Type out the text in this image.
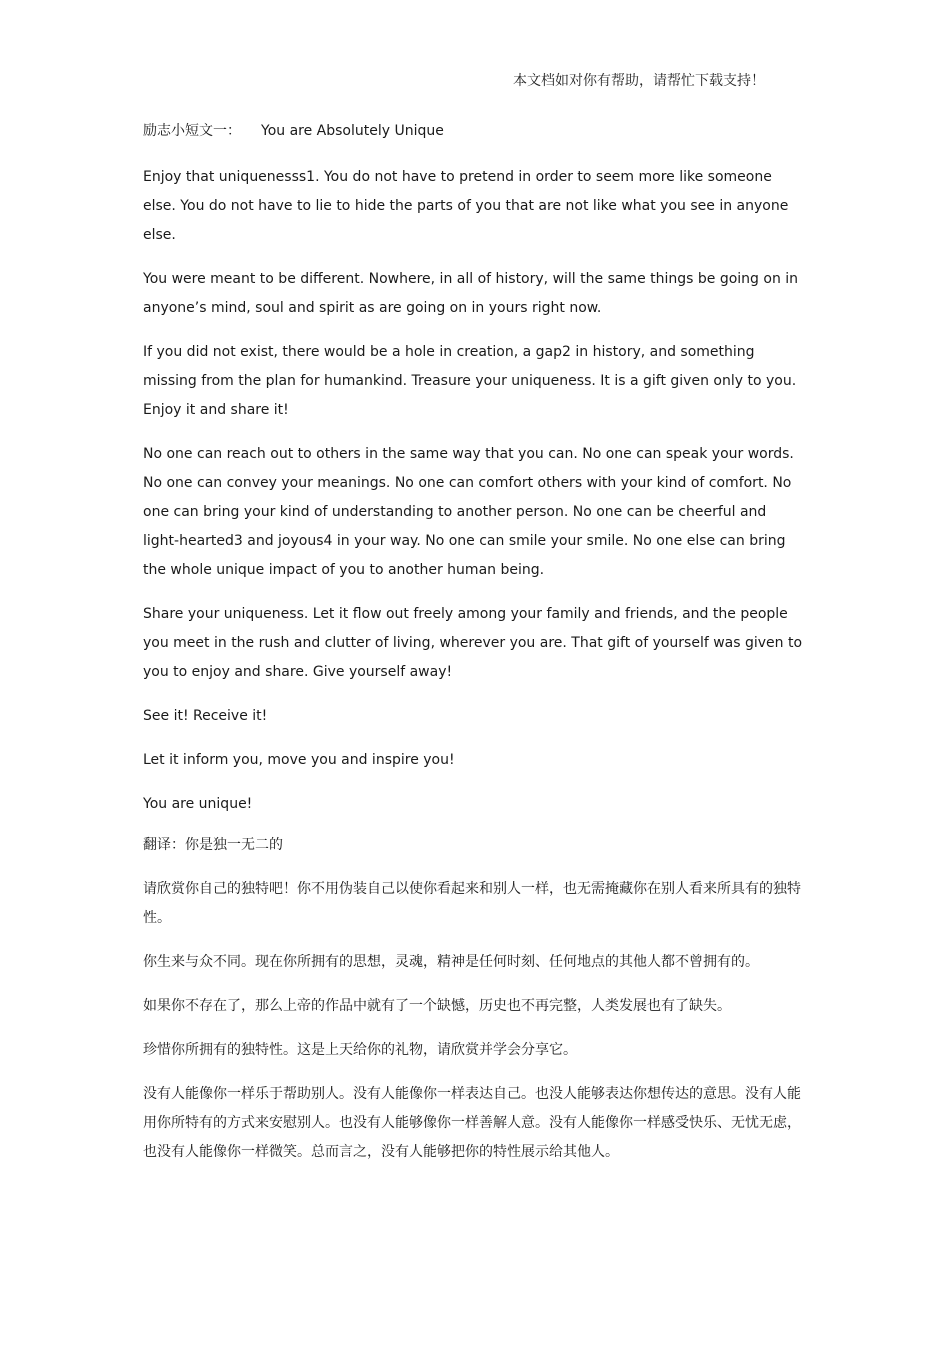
本文档如对你有帮助，请帮忙下载支持！
励志小短文一： You are Absolutely Unique

Enjoy that uniquenesss1. You do not have to pretend in order to seem more like someone else. You do not have to lie to hide the parts of you that are not like what you see in anyone else.

You were meant to be different. Nowhere, in all of history, will the same things be going on in anyone’s mind, soul and spirit as are going on in yours right now.

If you did not exist, there would be a hole in creation, a gap2 in history, and something missing from the plan for humankind. Treasure your uniqueness. It is a gift given only to you. Enjoy it and share it!

No one can reach out to others in the same way that you can. No one can speak your words. No one can convey your meanings. No one can comfort others with your kind of comfort. No one can bring your kind of understanding to another person. No one can be cheerful and light-hearted3 and joyous4 in your way. No one can smile your smile. No one else can bring the whole unique impact of you to another human being.

Share your uniqueness. Let it flow out freely among your family and friends, and the people you meet in the rush and clutter of living, wherever you are. That gift of yourself was given to you to enjoy and share. Give yourself away!

See it! Receive it!

Let it inform you, move you and inspire you!

You are unique!

翻译：你是独一无二的

请欣赏你自己的独特吧！你不用伪装自己以使你看起来和别人一样，也无需掩藏你在别人看来所具有的独特性。

你生来与众不同。现在你所拥有的思想，灵魂，精神是任何时刻、任何地点的其他人都不曾拥有的。

如果你不存在了，那么上帝的作品中就有了一个缺憾，历史也不再完整，人类发展也有了缺失。

珍惜你所拥有的独特性。这是上天给你的礼物，请欣赏并学会分享它。

没有人能像你一样乐于帮助别人。没有人能像你一样表达自己。也没人能够表达你想传达的意思。没有人能用你所特有的方式来安慰别人。也没有人能够像你一样善解人意。没有人能像你一样感受快乐、无忧无虑，也没有人能像你一样微笑。总而言之，没有人能够把你的特性展示给其他人。
